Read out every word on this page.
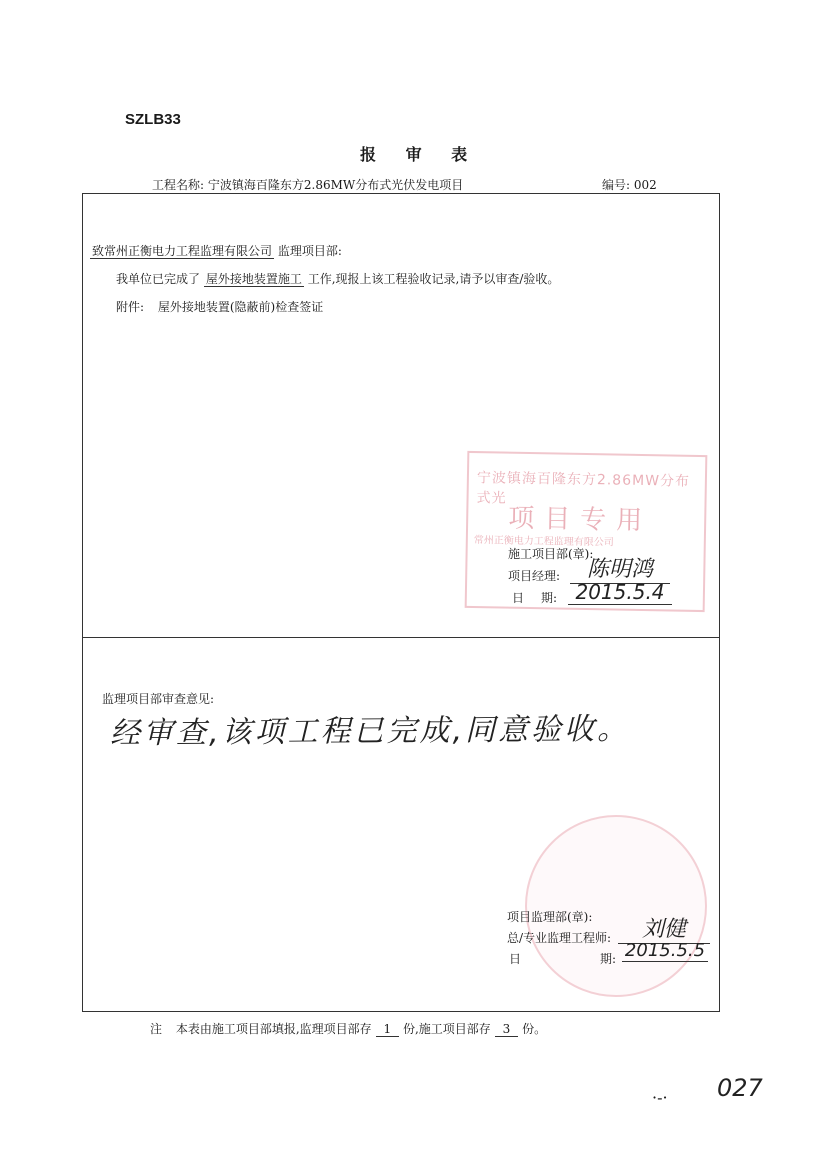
SZLB33
报 审 表
工程名称: 宁波镇海百隆东方2.86MW分布式光伏发电项目	编号: 002
致常州正衡电力工程监理有限公司 监理项目部:
我单位已完成了 屋外接地装置施工 工作,现报上该工程验收记录,请予以审查/验收。
附件: 屋外接地装置(隐蔽前)检查签证
宁波镇海百隆东方2.86MW分布式光
项目专用
常州正衡电力工程监理有限公司
施工项目部(章):
项目经理:	陈明鸿
日 期: 2015.5.4
监理项目部审查意见:
经审查,该项工程已完成,同意验收。
项目监理部(章):
总/专业监理工程师:	刘健
日	期: 2015.5.5
注 本表由施工项目部填报,监理项目部存 1 份,施工项目部存 3 份。
·-· 027
